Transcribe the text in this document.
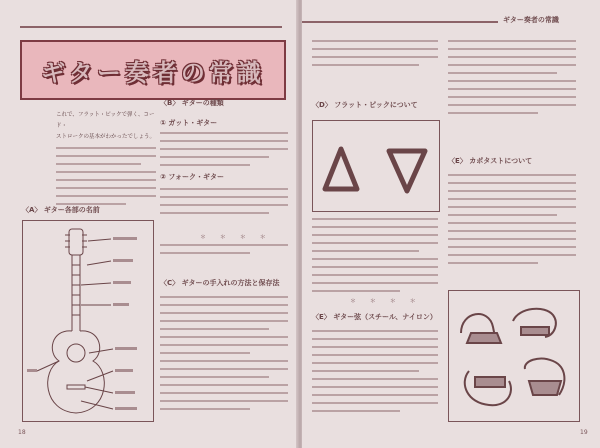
ギター奏者の常識
これで、フラット・ピックで弾く、コード・
ストロークの基本がわかったでしょう。
〈A〉 ギター各部の名前
〈B〉 ギターの種類
① ガット・ギター
② フォーク・ギター
＊ ＊ ＊ ＊
〈C〉 ギターの手入れの方法と保存法
18
ギター奏者の常識
〈D〉 フラット・ピックについて
＊ ＊ ＊ ＊
〈E〉 ギター弦（スチール、ナイロン）
〈E〉 カポタストについて
19
